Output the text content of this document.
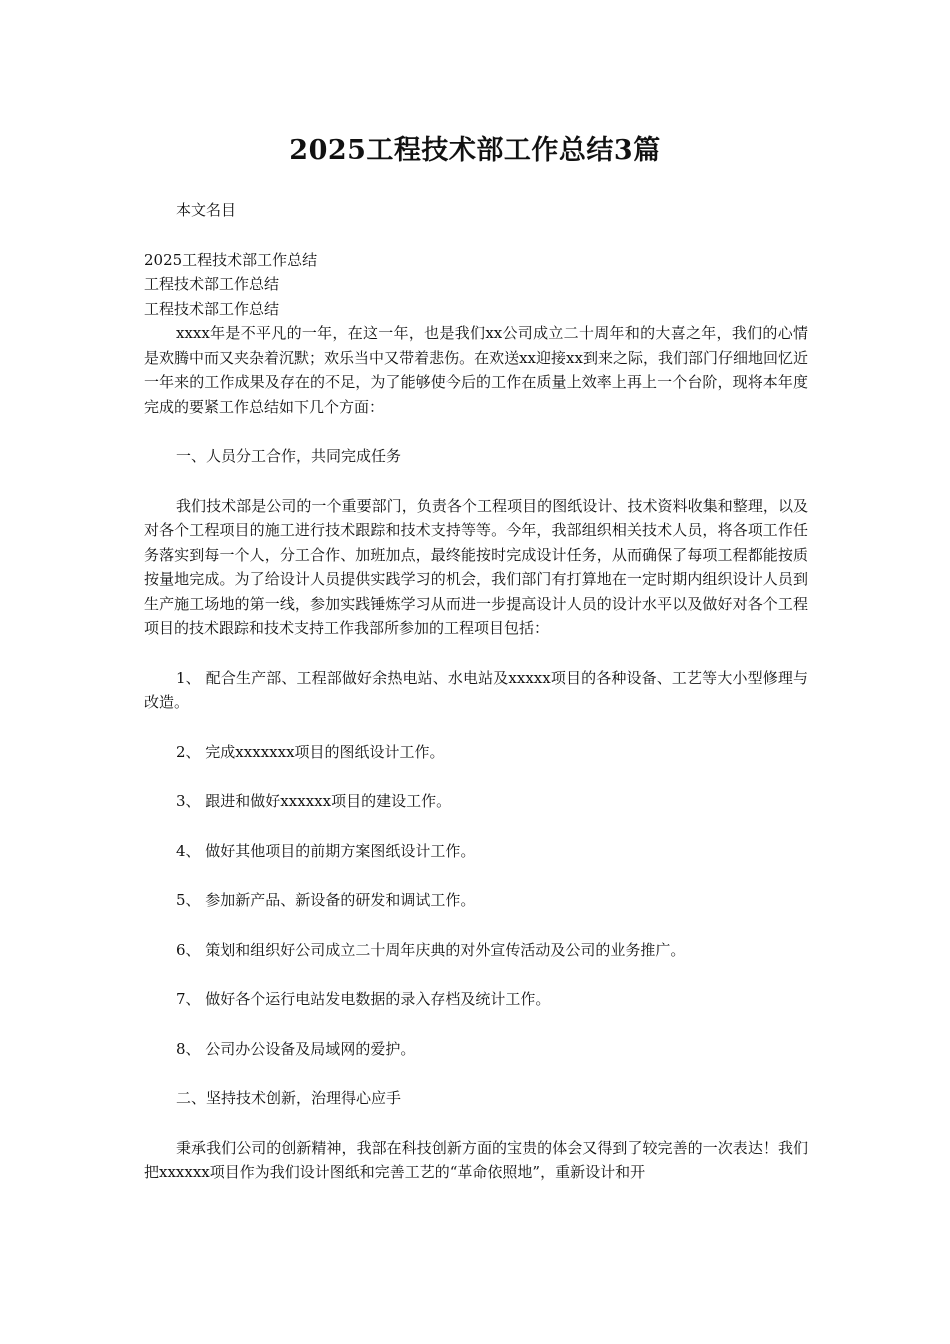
2025工程技术部工作总结3篇

本文名目

2025工程技术部工作总结

工程技术部工作总结

工程技术部工作总结

xxxx年是不平凡的一年，在这一年，也是我们xx公司成立二十周年和的大喜之年，我们的心情是欢腾中而又夹杂着沉默；欢乐当中又带着悲伤。在欢送xx迎接xx到来之际，我们部门仔细地回忆近一年来的工作成果及存在的不足，为了能够使今后的工作在质量上效率上再上一个台阶，现将本年度完成的要紧工作总结如下几个方面：

一、人员分工合作，共同完成任务

我们技术部是公司的一个重要部门，负责各个工程项目的图纸设计、技术资料收集和整理，以及对各个工程项目的施工进行技术跟踪和技术支持等等。今年，我部组织相关技术人员，将各项工作任务落实到每一个人，分工合作、加班加点，最终能按时完成设计任务，从而确保了每项工程都能按质按量地完成。为了给设计人员提供实践学习的机会，我们部门有打算地在一定时期内组织设计人员到生产施工场地的第一线，参加实践锤炼学习从而进一步提高设计人员的设计水平以及做好对各个工程项目的技术跟踪和技术支持工作我部所参加的工程项目包括：

1、 配合生产部、工程部做好余热电站、水电站及xxxxx项目的各种设备、工艺等大小型修理与改造。

2、 完成xxxxxxx项目的图纸设计工作。

3、 跟进和做好xxxxxx项目的建设工作。

4、 做好其他项目的前期方案图纸设计工作。

5、 参加新产品、新设备的研发和调试工作。

6、 策划和组织好公司成立二十周年庆典的对外宣传活动及公司的业务推广。

7、 做好各个运行电站发电数据的录入存档及统计工作。

8、 公司办公设备及局域网的爱护。

二、坚持技术创新，治理得心应手

秉承我们公司的创新精神，我部在科技创新方面的宝贵的体会又得到了较完善的一次表达！我们把xxxxxx项目作为我们设计图纸和完善工艺的“革命依照地”，重新设计和开
